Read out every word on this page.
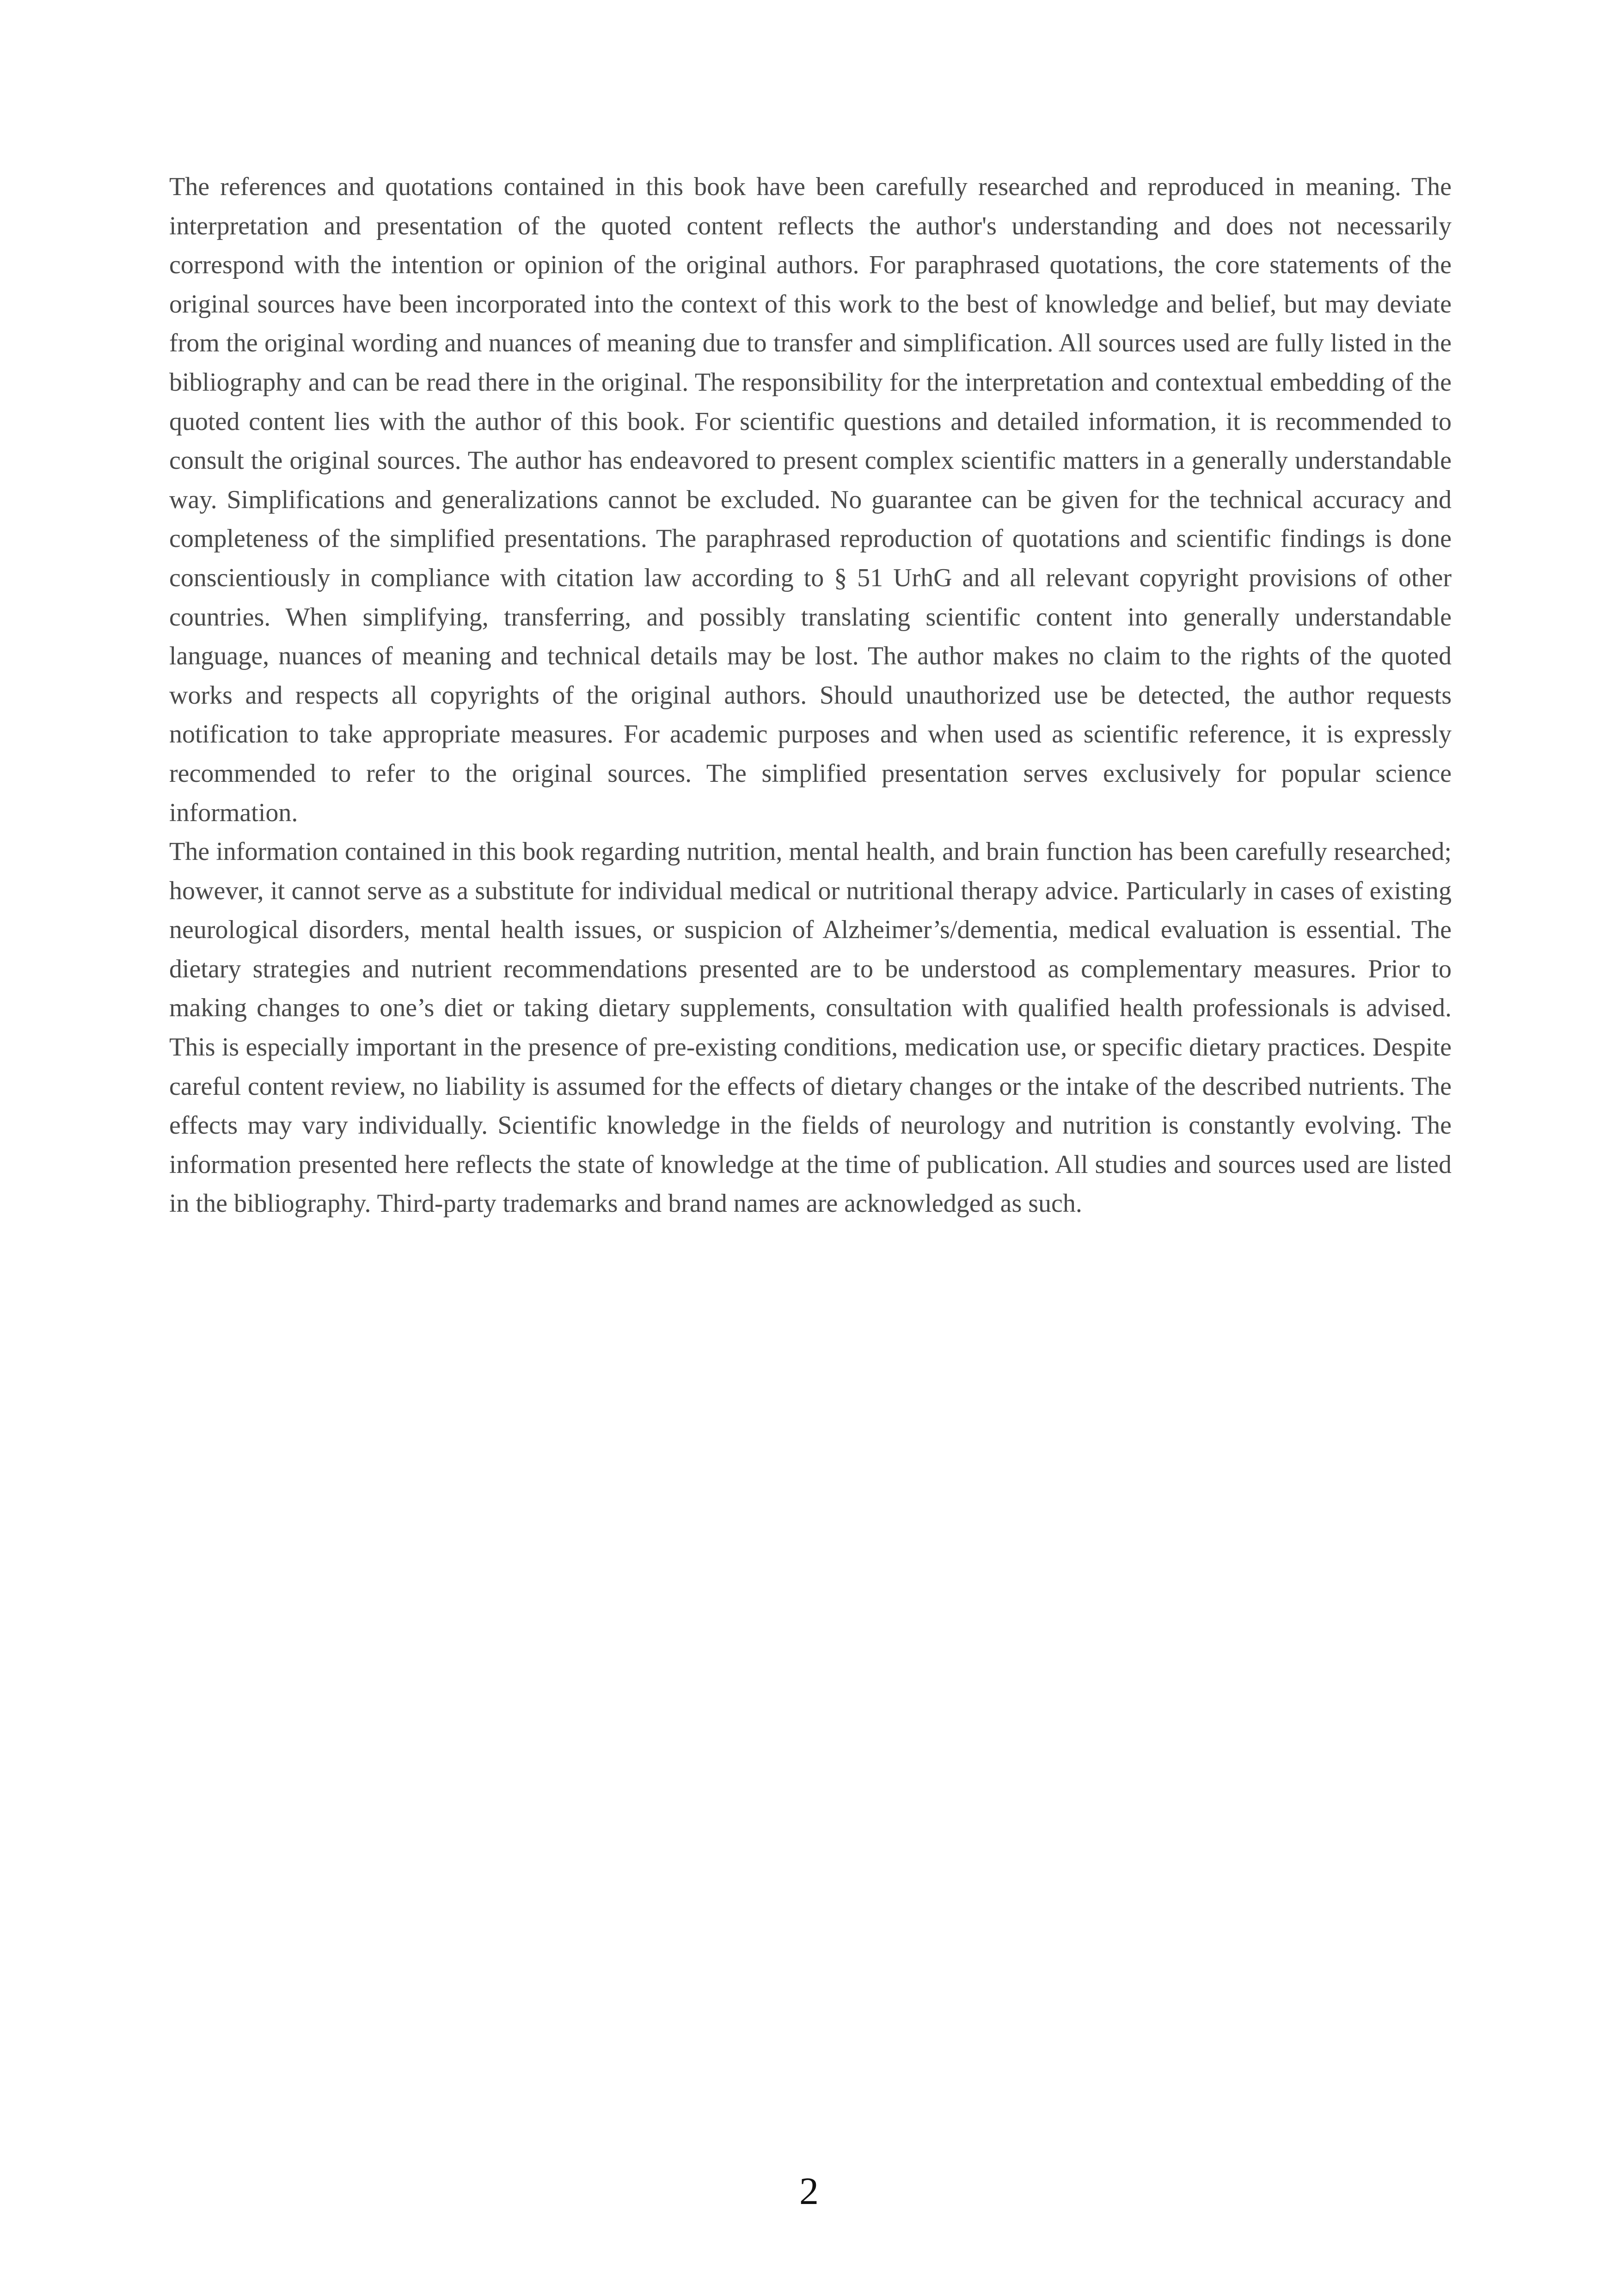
The references and quotations contained in this book have been carefully researched and reproduced in meaning. The interpretation and presentation of the quoted content reflects the author's understanding and does not necessarily correspond with the intention or opinion of the original authors. For paraphrased quotations, the core statements of the original sources have been incorporated into the context of this work to the best of knowledge and belief, but may deviate from the original wording and nuances of meaning due to transfer and simplification. All sources used are fully listed in the bibliography and can be read there in the original. The responsibility for the interpretation and contextual embedding of the quoted content lies with the author of this book. For scientific questions and detailed information, it is recommended to consult the original sources. The author has endeavored to present complex scientific matters in a generally understandable way. Simplifications and generalizations cannot be excluded. No guarantee can be given for the technical accuracy and completeness of the simplified presentations. The paraphrased reproduction of quotations and scientific findings is done conscientiously in compliance with citation law according to § 51 UrhG and all relevant copyright provisions of other countries. When simplifying, transferring, and possibly translating scientific content into generally understandable language, nuances of meaning and technical details may be lost. The author makes no claim to the rights of the quoted works and respects all copyrights of the original authors. Should unauthorized use be detected, the author requests notification to take appropriate measures. For academic purposes and when used as scientific reference, it is expressly recommended to refer to the original sources. The simplified presentation serves exclusively for popular science information.

The information contained in this book regarding nutrition, mental health, and brain function has been carefully researched; however, it cannot serve as a substitute for individual medical or nutritional therapy advice. Particularly in cases of existing neurological disorders, mental health issues, or suspicion of Alzheimer’s/dementia, medical evaluation is essential. The dietary strategies and nutrient recommendations presented are to be understood as complementary measures. Prior to making changes to one’s diet or taking dietary supplements, consultation with qualified health professionals is advised. This is especially important in the presence of pre-existing conditions, medication use, or specific dietary practices. Despite careful content review, no liability is assumed for the effects of dietary changes or the intake of the described nutrients. The effects may vary individually. Scientific knowledge in the fields of neurology and nutrition is constantly evolving. The information presented here reflects the state of knowledge at the time of publication. All studies and sources used are listed in the bibliography. Third-party trademarks and brand names are acknowledged as such.

2
